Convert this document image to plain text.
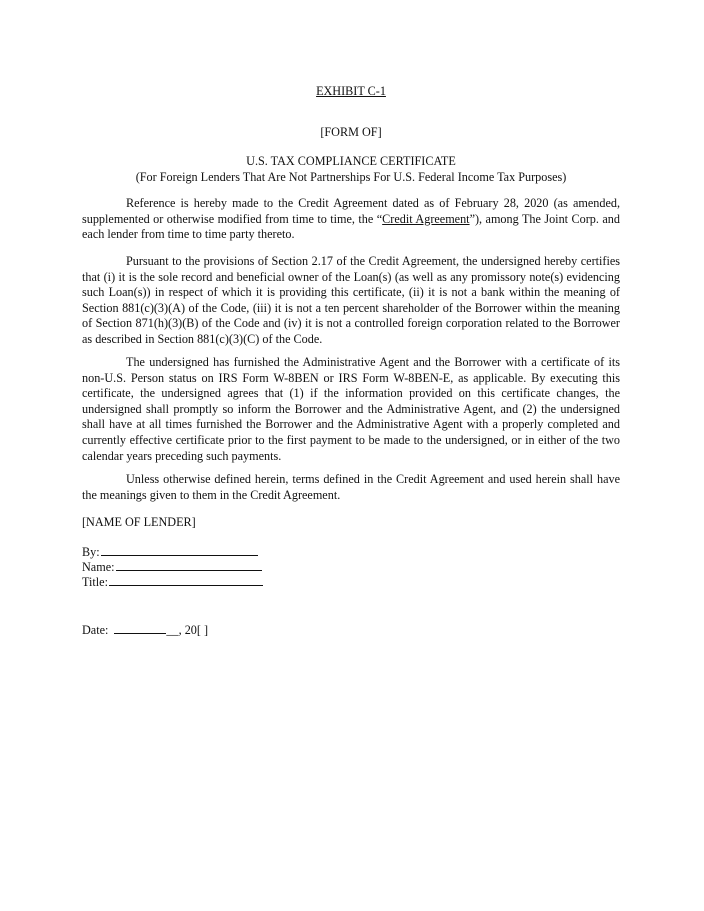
EXHIBIT C-1
[FORM OF]
U.S. TAX COMPLIANCE CERTIFICATE
(For Foreign Lenders That Are Not Partnerships For U.S. Federal Income Tax Purposes)
Reference is hereby made to the Credit Agreement dated as of February 28, 2020 (as amended, supplemented or otherwise modified from time to time, the “Credit Agreement”), among The Joint Corp. and each lender from time to time party thereto.
Pursuant to the provisions of Section 2.17 of the Credit Agreement, the undersigned hereby certifies that (i) it is the sole record and beneficial owner of the Loan(s) (as well as any promissory note(s) evidencing such Loan(s)) in respect of which it is providing this certificate, (ii) it is not a bank within the meaning of Section 881(c)(3)(A) of the Code, (iii) it is not a ten percent shareholder of the Borrower within the meaning of Section 871(h)(3)(B) of the Code and (iv) it is not a controlled foreign corporation related to the Borrower as described in Section 881(c)(3)(C) of the Code.
The undersigned has furnished the Administrative Agent and the Borrower with a certificate of its non-U.S. Person status on IRS Form W-8BEN or IRS Form W-8BEN-E, as applicable. By executing this certificate, the undersigned agrees that (1) if the information provided on this certificate changes, the undersigned shall promptly so inform the Borrower and the Administrative Agent, and (2) the undersigned shall have at all times furnished the Borrower and the Administrative Agent with a properly completed and currently effective certificate prior to the first payment to be made to the undersigned, or in either of the two calendar years preceding such payments.
Unless otherwise defined herein, terms defined in the Credit Agreement and used herein shall have the meanings given to them in the Credit Agreement.
[NAME OF LENDER]
By:
Name:
Title:
Date:	__, 20[ ]
